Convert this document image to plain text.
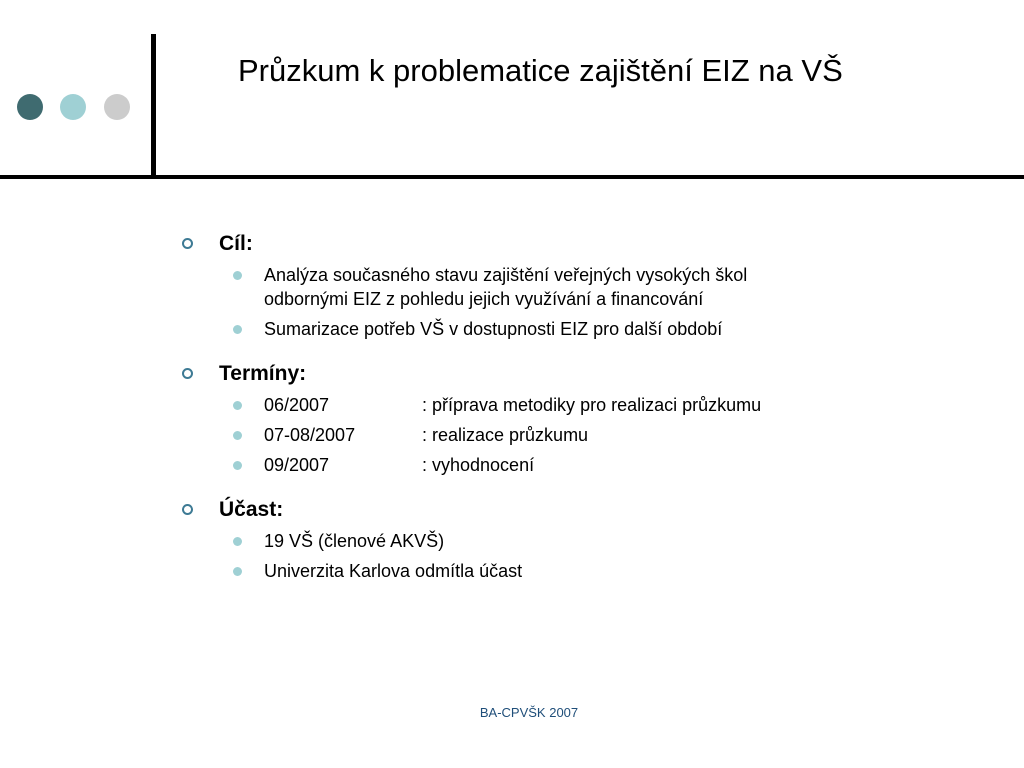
Průzkum k problematice zajištění EIZ na VŠ
Cíl:
Analýza současného stavu zajištění veřejných vysokých škol
odbornými EIZ z pohledu jejich využívání a financování
Sumarizace potřeb VŠ v dostupnosti EIZ pro další období
Termíny:
06/2007	: příprava metodiky pro realizaci průzkumu
07-08/2007	: realizace průzkumu
09/2007	: vyhodnocení
Účast:
19 VŠ (členové AKVŠ)
Univerzita Karlova odmítla účast
BA-CPVŠK 2007
